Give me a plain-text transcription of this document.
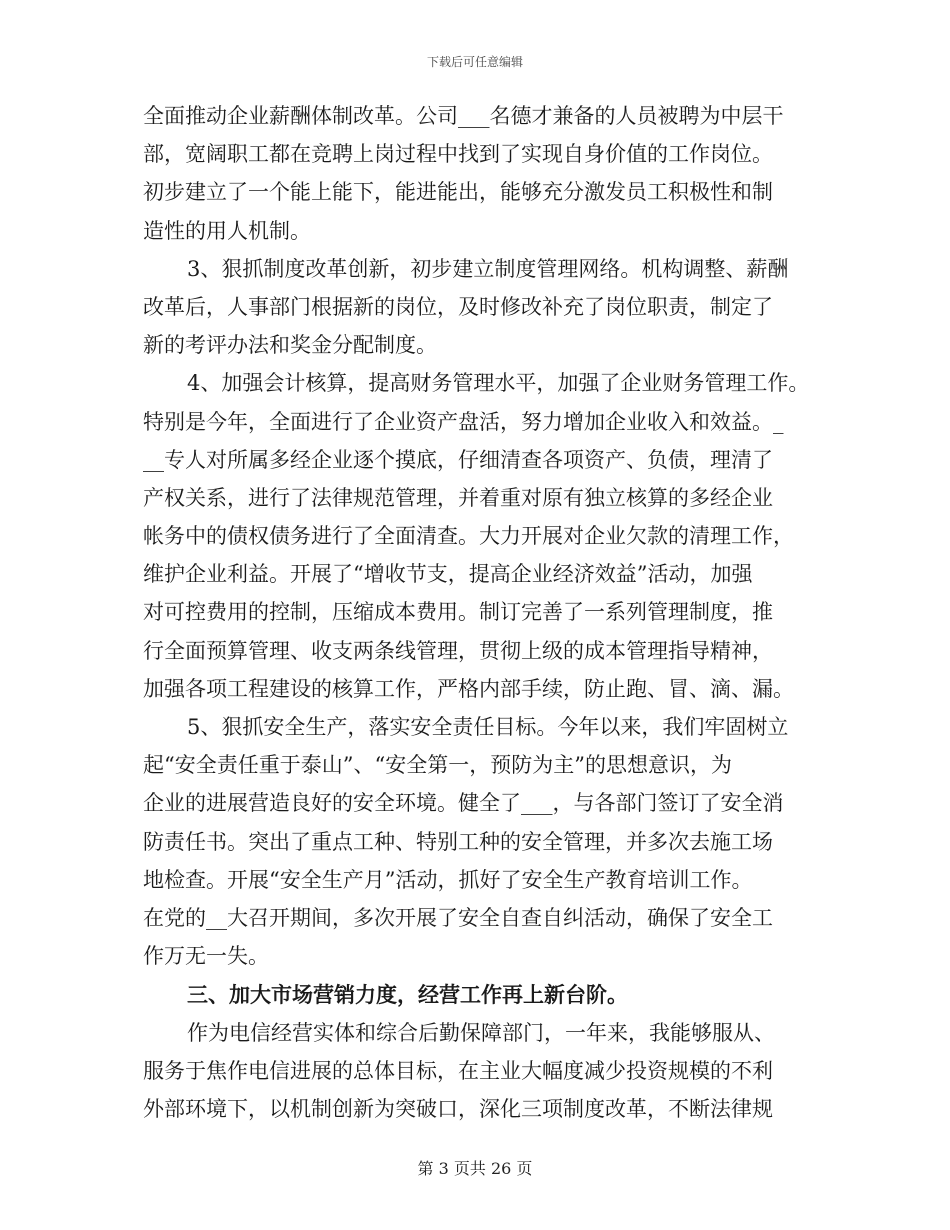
下载后可任意编辑
全面推动企业薪酬体制改革。公司___名德才兼备的人员被聘为中层干
部，宽阔职工都在竞聘上岗过程中找到了实现自身价值的工作岗位。
初步建立了一个能上能下，能进能出，能够充分激发员工积极性和制
造性的用人机制。
3、狠抓制度改革创新，初步建立制度管理网络。机构调整、薪酬
改革后，人事部门根据新的岗位，及时修改补充了岗位职责，制定了
新的考评办法和奖金分配制度。
4、加强会计核算，提高财务管理水平，加强了企业财务管理工作。
特别是今年，全面进行了企业资产盘活，努力增加企业收入和效益。_
__专人对所属多经企业逐个摸底，仔细清查各项资产、负债，理清了
产权关系，进行了法律规范管理，并着重对原有独立核算的多经企业
帐务中的债权债务进行了全面清查。大力开展对企业欠款的清理工作，
维护企业利益。开展了“增收节支，提高企业经济效益”活动，加强
对可控费用的控制，压缩成本费用。制订完善了一系列管理制度，推
行全面预算管理、收支两条线管理，贯彻上级的成本管理指导精神，
加强各项工程建设的核算工作，严格内部手续，防止跑、冒、滴、漏。
5、狠抓安全生产，落实安全责任目标。今年以来，我们牢固树立
起“安全责任重于泰山”、“安全第一，预防为主”的思想意识，为
企业的进展营造良好的安全环境。健全了___，与各部门签订了安全消
防责任书。突出了重点工种、特别工种的安全管理，并多次去施工场
地检查。开展“安全生产月”活动，抓好了安全生产教育培训工作。
在党的__大召开期间，多次开展了安全自查自纠活动，确保了安全工
作万无一失。
三、加大市场营销力度，经营工作再上新台阶。
作为电信经营实体和综合后勤保障部门，一年来，我能够服从、
服务于焦作电信进展的总体目标，在主业大幅度减少投资规模的不利
外部环境下，以机制创新为突破口，深化三项制度改革，不断法律规
第 3 页共 26 页
